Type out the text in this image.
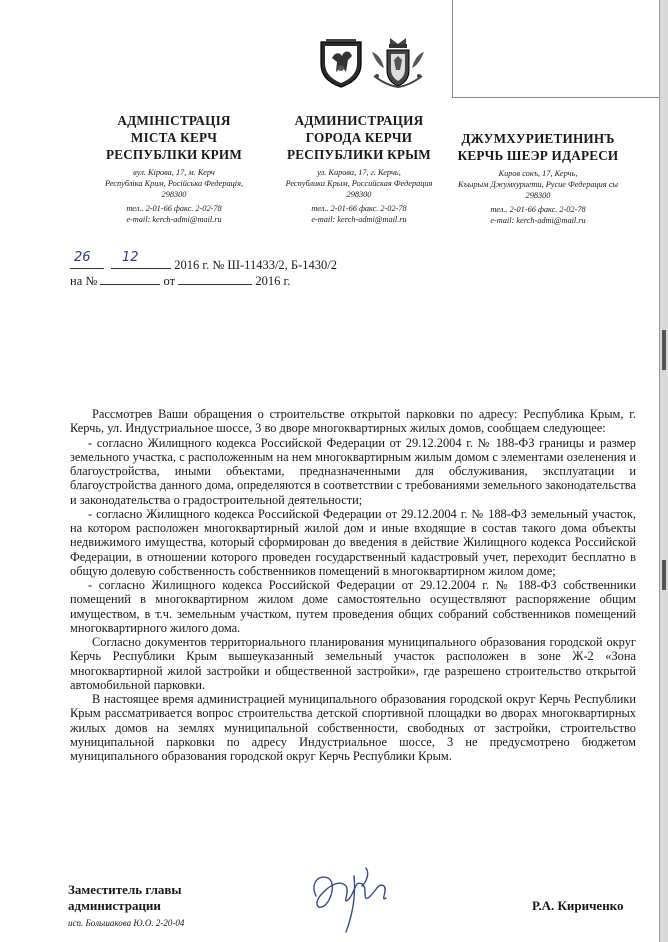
АДМІНІСТРАЦІЯ
МІСТА КЕРЧ
РЕСПУБЛІКИ КРИМ
вул. Кірова, 17, м. Керч
Республіка Крим, Російська Федерація,
298300
тел.. 2-01-66 факс. 2-02-78
e-mail: kerch-admi@mail.ru
АДМИНИСТРАЦИЯ
ГОРОДА КЕРЧИ
РЕСПУБЛИКИ КРЫМ
ул. Кирова, 17, г. Керчь,
Республика Крым, Российская Федерация
298300
тел.. 2-01-66 факс. 2-02-78
e-mail: kerch-admi@mail.ru
ДЖУМХУРИЕТИНИНЪ
КЕРЧЬ ШЕЭР ИДАРЕСИ
Киров сокъ, 17, Керчь,
Къырым Джумхуриети, Русие Федерация сы
298300
тел.. 2-01-66 факс. 2-02-78
e-mail: kerch-admi@mail.ru
26 12	2016 г. № Ш-11433/2, Б-1430/2
на №	от	2016 г.

Рассмотрев Ваши обращения о строительстве открытой парковки по адресу: Республика Крым, г. Керчь, ул. Индустриальное шоссе, 3 во дворе многоквартирных жилых домов, сообщаем следующее:

- согласно Жилищного кодекса Российской Федерации от 29.12.2004 г. № 188-ФЗ границы и размер земельного участка, с расположенным на нем многоквартирным жилым домом с элементами озеленения и благоустройства, иными объектами, предназначенными для обслуживания, эксплуатации и благоустройства данного дома, определяются в соответствии с требованиями земельного законодательства и законодательства о градостроительной деятельности;

- согласно Жилищного кодекса Российской Федерации от 29.12.2004 г. № 188-ФЗ земельный участок, на котором расположен многоквартирный жилой дом и иные входящие в состав такого дома объекты недвижимого имущества, который сформирован до введения в действие Жилищного кодекса Российской Федерации, в отношении которого проведен государственный кадастровый учет, переходит бесплатно в общую долевую собственность собственников помещений в многоквартирном жилом доме;

- согласно Жилищного кодекса Российской Федерации от 29.12.2004 г. № 188-ФЗ собственники помещений в многоквартирном жилом доме самостоятельно осуществляют распоряжение общим имуществом, в т.ч. земельным участком, путем проведения общих собраний собственников помещений многоквартирного жилого дома.

Согласно документов территориального планирования муниципального образования городской округ Керчь Республики Крым вышеуказанный земельный участок расположен в зоне Ж-2 «Зона многоквартирной жилой застройки и общественной застройки», где разрешено строительство открытой автомобильной парковки.

В настоящее время администрацией муниципального образования городской округ Керчь Республики Крым рассматривается вопрос строительства детской спортивной площадки во дворах многоквартирных жилых домов на землях муниципальной собственности, свободных от застройки, строительство муниципальной парковки по адресу Индустриальное шоссе, 3 не предусмотрено бюджетом муниципального образования городской округ Керчь Республики Крым.

Заместитель главы
администрации	Р.А. Кириченко
исп. Большакова Ю.О. 2-20-04
